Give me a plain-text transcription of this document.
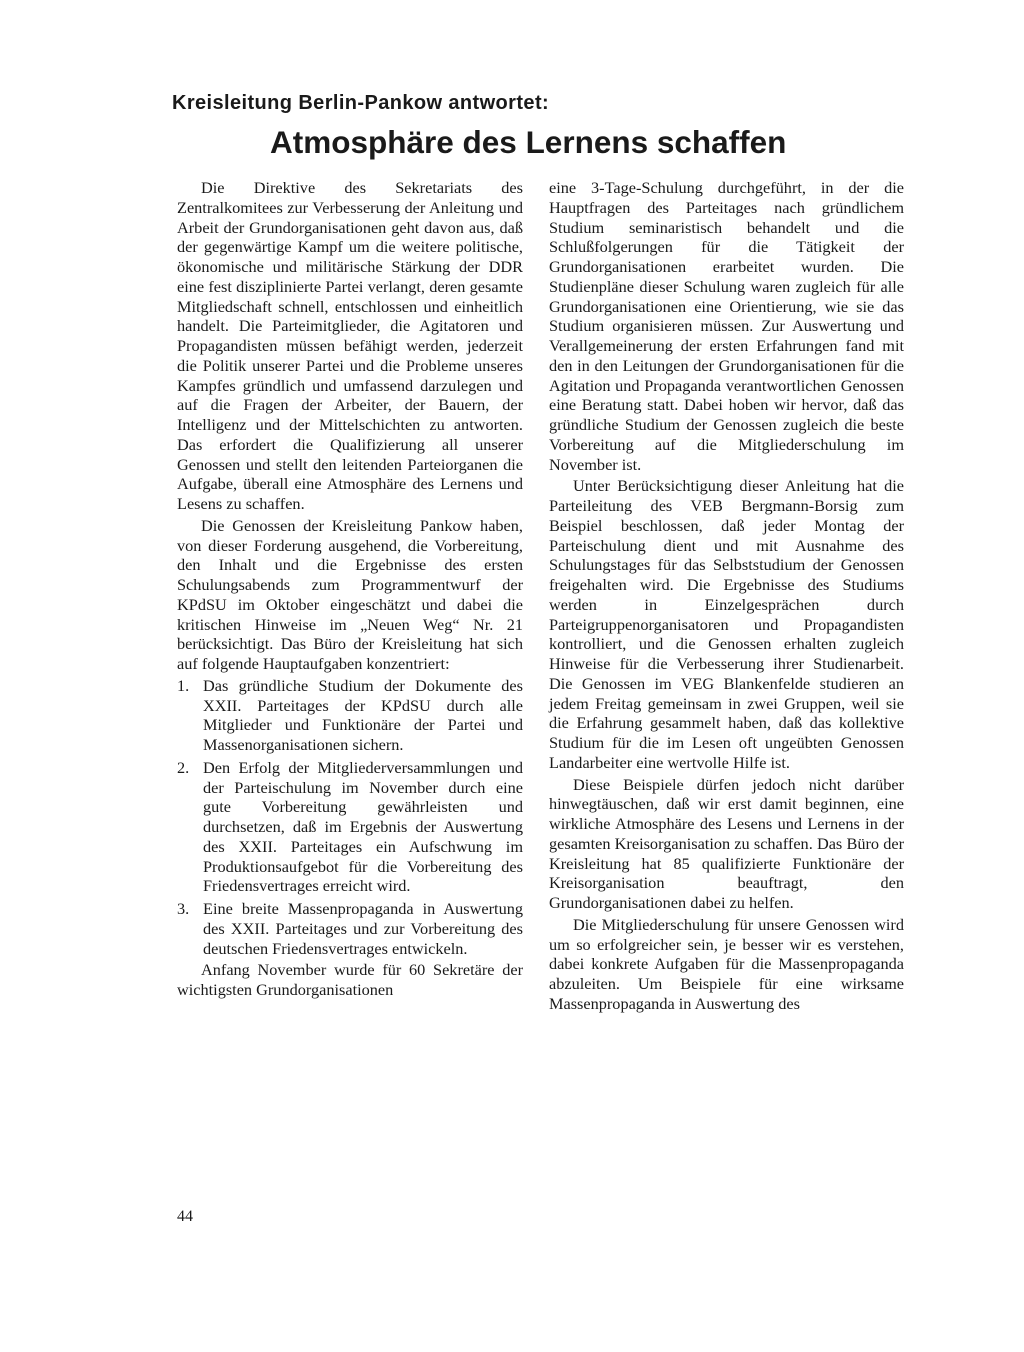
Kreisleitung Berlin-Pankow antwortet:
Atmosphäre des Lernens schaffen

Die Direktive des Sekretariats des Zentralkomitees zur Verbesserung der Anleitung und Arbeit der Grundorganisationen geht davon aus, daß der gegenwärtige Kampf um die weitere politische, ökonomische und militärische Stärkung der DDR eine fest disziplinierte Partei verlangt, deren gesamte Mitgliedschaft schnell, entschlossen und einheitlich handelt. Die Parteimitglieder, die Agitatoren und Propagandisten müssen befähigt werden, jederzeit die Politik unserer Partei und die Probleme unseres Kampfes gründlich und umfassend darzulegen und auf die Fragen der Arbeiter, der Bauern, der Intelligenz und der Mittelschichten zu antworten. Das erfordert die Qualifizierung all unserer Genossen und stellt den leitenden Parteiorganen die Aufgabe, überall eine Atmosphäre des Lernens und Lesens zu schaffen.

Die Genossen der Kreisleitung Pankow haben, von dieser Forderung ausgehend, die Vorbereitung, den Inhalt und die Ergebnisse des ersten Schulungsabends zum Programmentwurf der KPdSU im Oktober eingeschätzt und dabei die kritischen Hinweise im „Neuen Weg“ Nr. 21 berücksichtigt. Das Büro der Kreisleitung hat sich auf folgende Hauptaufgaben konzentriert:

1. Das gründliche Studium der Dokumente des XXII. Parteitages der KPdSU durch alle Mitglieder und Funktionäre der Partei und Massenorganisationen sichern.
2. Den Erfolg der Mitgliederversammlungen und der Parteischulung im November durch eine gute Vorbereitung gewährleisten und durchsetzen, daß im Ergebnis der Auswertung des XXII. Parteitages ein Aufschwung im Produktionsaufgebot für die Vorbereitung des Friedensvertrages erreicht wird.
3. Eine breite Massenpropaganda in Auswertung des XXII. Parteitages und zur Vorbereitung des deutschen Friedensvertrages entwickeln.

Anfang November wurde für 60 Sekretäre der wichtigsten Grundorganisationen

eine 3-Tage-Schulung durchgeführt, in der die Hauptfragen des Parteitages nach gründlichem Studium seminaristisch behandelt und die Schlußfolgerungen für die Tätigkeit der Grundorganisationen erarbeitet wurden. Die Studienpläne dieser Schulung waren zugleich für alle Grundorganisationen eine Orientierung, wie sie das Studium organisieren müssen. Zur Auswertung und Verallgemeinerung der ersten Erfahrungen fand mit den in den Leitungen der Grundorganisationen für die Agitation und Propaganda verantwortlichen Genossen eine Beratung statt. Dabei hoben wir hervor, daß das gründliche Studium der Genossen zugleich die beste Vorbereitung auf die Mitgliederschulung im November ist.

Unter Berücksichtigung dieser Anleitung hat die Parteileitung des VEB Bergmann-Borsig zum Beispiel beschlossen, daß jeder Montag der Parteischulung dient und mit Ausnahme des Schulungstages für das Selbststudium der Genossen freigehalten wird. Die Ergebnisse des Studiums werden in Einzelgesprächen durch Parteigruppenorganisatoren und Propagandisten kontrolliert, und die Genossen erhalten zugleich Hinweise für die Verbesserung ihrer Studienarbeit. Die Genossen im VEG Blankenfelde studieren an jedem Freitag gemeinsam in zwei Gruppen, weil sie die Erfahrung gesammelt haben, daß das kollektive Studium für die im Lesen oft ungeübten Genossen Landarbeiter eine wertvolle Hilfe ist.

Diese Beispiele dürfen jedoch nicht darüber hinwegtäuschen, daß wir erst damit beginnen, eine wirkliche Atmosphäre des Lesens und Lernens in der gesamten Kreisorganisation zu schaffen. Das Büro der Kreisleitung hat 85 qualifizierte Funktionäre der Kreisorganisation beauftragt, den Grundorganisationen dabei zu helfen.

Die Mitgliederschulung für unsere Genossen wird um so erfolgreicher sein, je besser wir es verstehen, dabei konkrete Aufgaben für die Massenpropaganda abzuleiten. Um Beispiele für eine wirksame Massenpropaganda in Auswertung des

44
